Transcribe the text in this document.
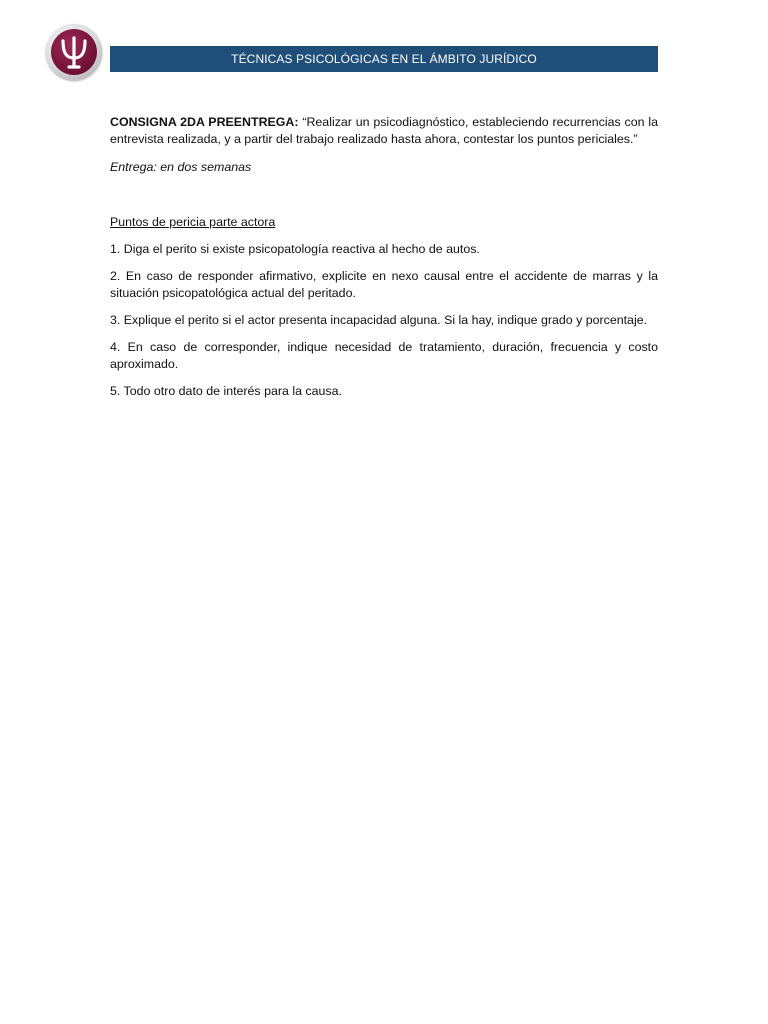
TÉCNICAS PSICOLÓGICAS EN EL ÁMBITO JURÍDICO

CONSIGNA 2DA PREENTREGA: “Realizar un psicodiagnóstico, estableciendo recurrencias con la entrevista realizada, y a partir del trabajo realizado hasta ahora, contestar los puntos periciales.”

Entrega: en dos semanas

Puntos de pericia parte actora

1. Diga el perito si existe psicopatología reactiva al hecho de autos.

2. En caso de responder afirmativo, explicite en nexo causal entre el accidente de marras y la situación psicopatológica actual del peritado.

3. Explique el perito si el actor presenta incapacidad alguna. Si la hay, indique grado y porcentaje.

4. En caso de corresponder, indique necesidad de tratamiento, duración, frecuencia y costo aproximado.

5. Todo otro dato de interés para la causa.
